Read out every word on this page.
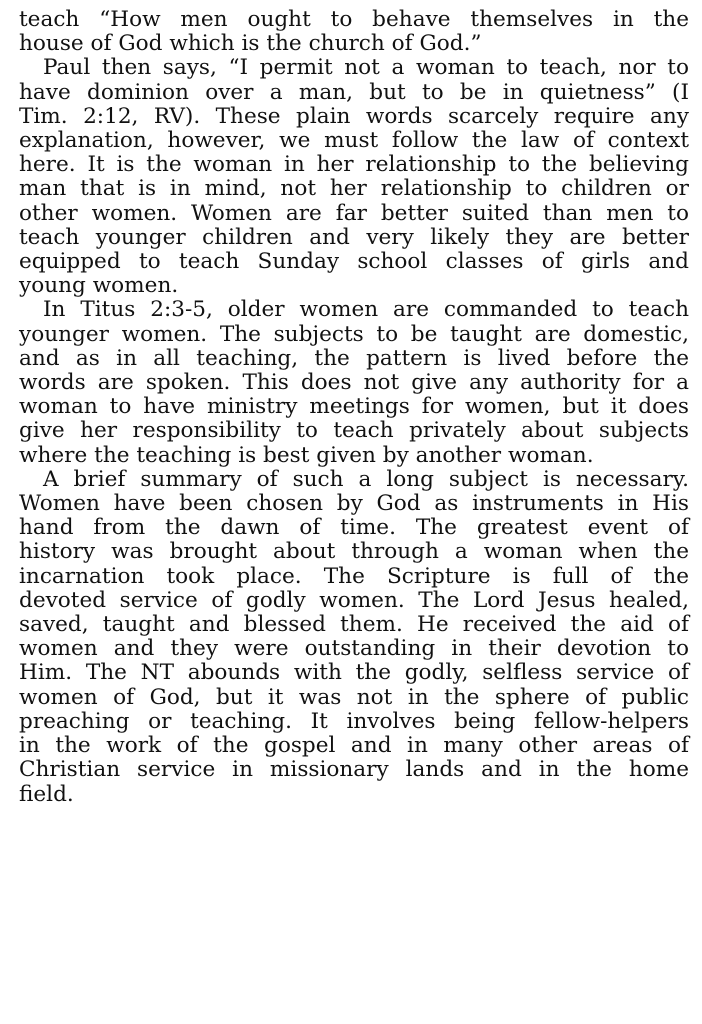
teach “How men ought to behave themselves in the
house of God which is the church of God.”

Paul then says, “I permit not a woman to teach, nor to
have dominion over a man, but to be in quietness” (I
Tim. 2:12, RV). These plain words scarcely require any
explanation, however, we must follow the law of context
here. It is the woman in her relationship to the believing
man that is in mind, not her relationship to children or
other women. Women are far better suited than men to
teach younger children and very likely they are better
equipped to teach Sunday school classes of girls and
young women.

In Titus 2:3-5, older women are commanded to teach
younger women. The subjects to be taught are domestic,
and as in all teaching, the pattern is lived before the
words are spoken. This does not give any authority for a
woman to have ministry meetings for women, but it does
give her responsibility to teach privately about subjects
where the teaching is best given by another woman.

A brief summary of such a long subject is necessary.
Women have been chosen by God as instruments in His
hand from the dawn of time. The greatest event of
history was brought about through a woman when the
incarnation took place. The Scripture is full of the
devoted service of godly women. The Lord Jesus healed,
saved, taught and blessed them. He received the aid of
women and they were outstanding in their devotion to
Him. The NT abounds with the godly, selfless service of
women of God, but it was not in the sphere of public
preaching or teaching. It involves being fellow-helpers
in the work of the gospel and in many other areas of
Christian service in missionary lands and in the home
field.
